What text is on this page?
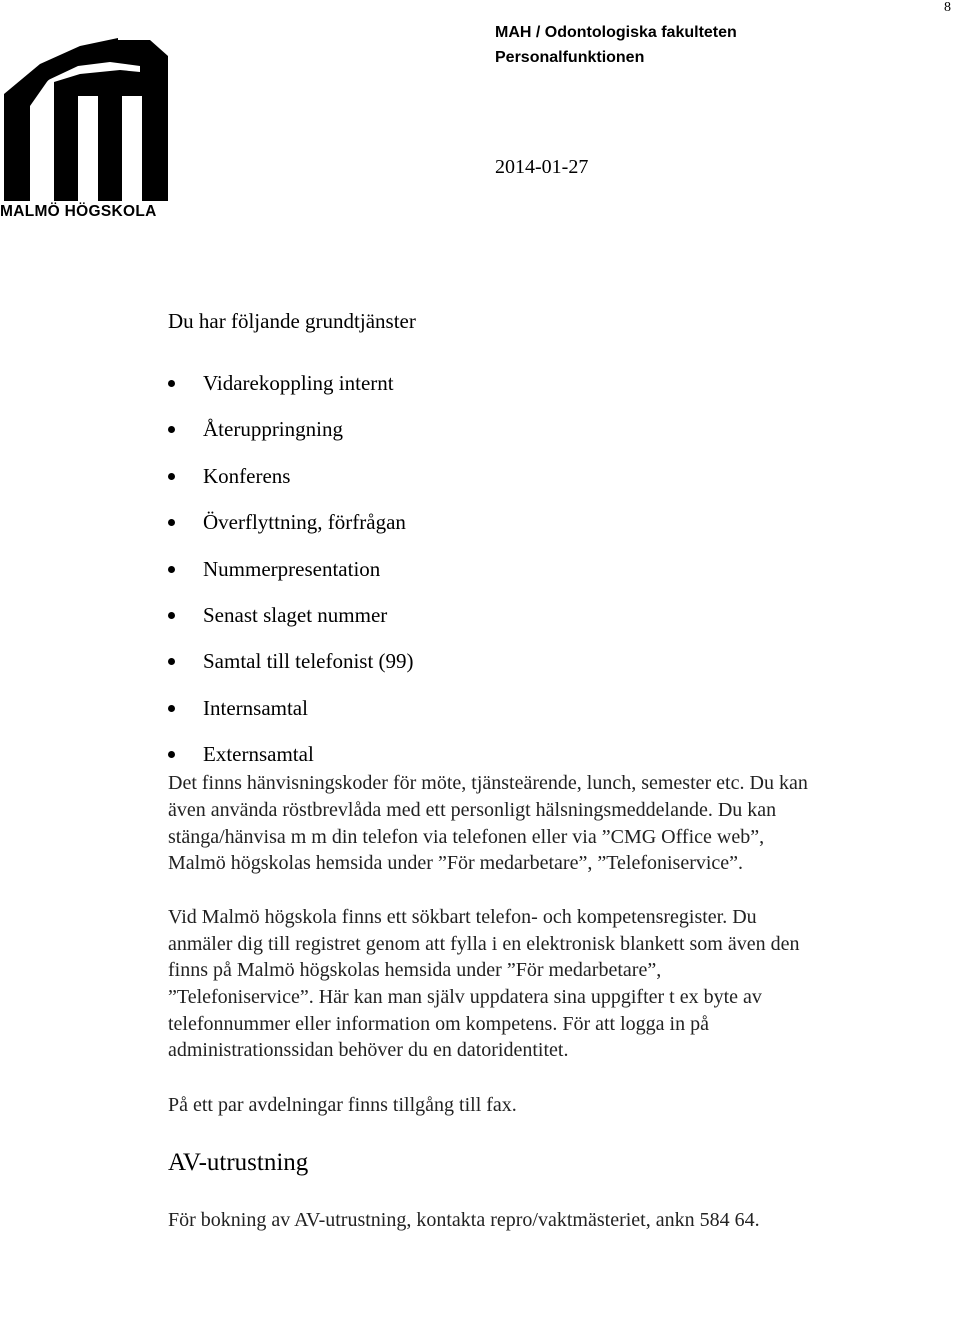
8
MALMÖ HÖGSKOLA
MAH / Odontologiska fakulteten
Personalfunktionen
2014-01-27

Du har följande grundtjänster

Vidarekoppling internt
Återuppringning
Konferens
Överflyttning, förfrågan
Nummerpresentation
Senast slaget nummer
Samtal till telefonist (99)
Internsamtal
Externsamtal

Det finns hänvisningskoder för möte, tjänsteärende, lunch, semester etc. Du kan även använda röstbrevlåda med ett personligt hälsningsmeddelande. Du kan stänga/hänvisa m m din telefon via telefonen eller via ”CMG Office web”, Malmö högskolas hemsida under ”För medarbetare”, ”Telefoniservice”.

Vid Malmö högskola finns ett sökbart telefon- och kompetensregister. Du anmäler dig till registret genom att fylla i en elektronisk blankett som även den finns på Malmö högskolas hemsida under ”För medarbetare”, ”Telefoniservice”. Här kan man själv uppdatera sina uppgifter t ex byte av telefonnummer eller information om kompetens. För att logga in på administrationssidan behöver du en datoridentitet.

På ett par avdelningar finns tillgång till fax.

AV-utrustning

För bokning av AV-utrustning, kontakta repro/vaktmästeriet, ankn 584 64.
